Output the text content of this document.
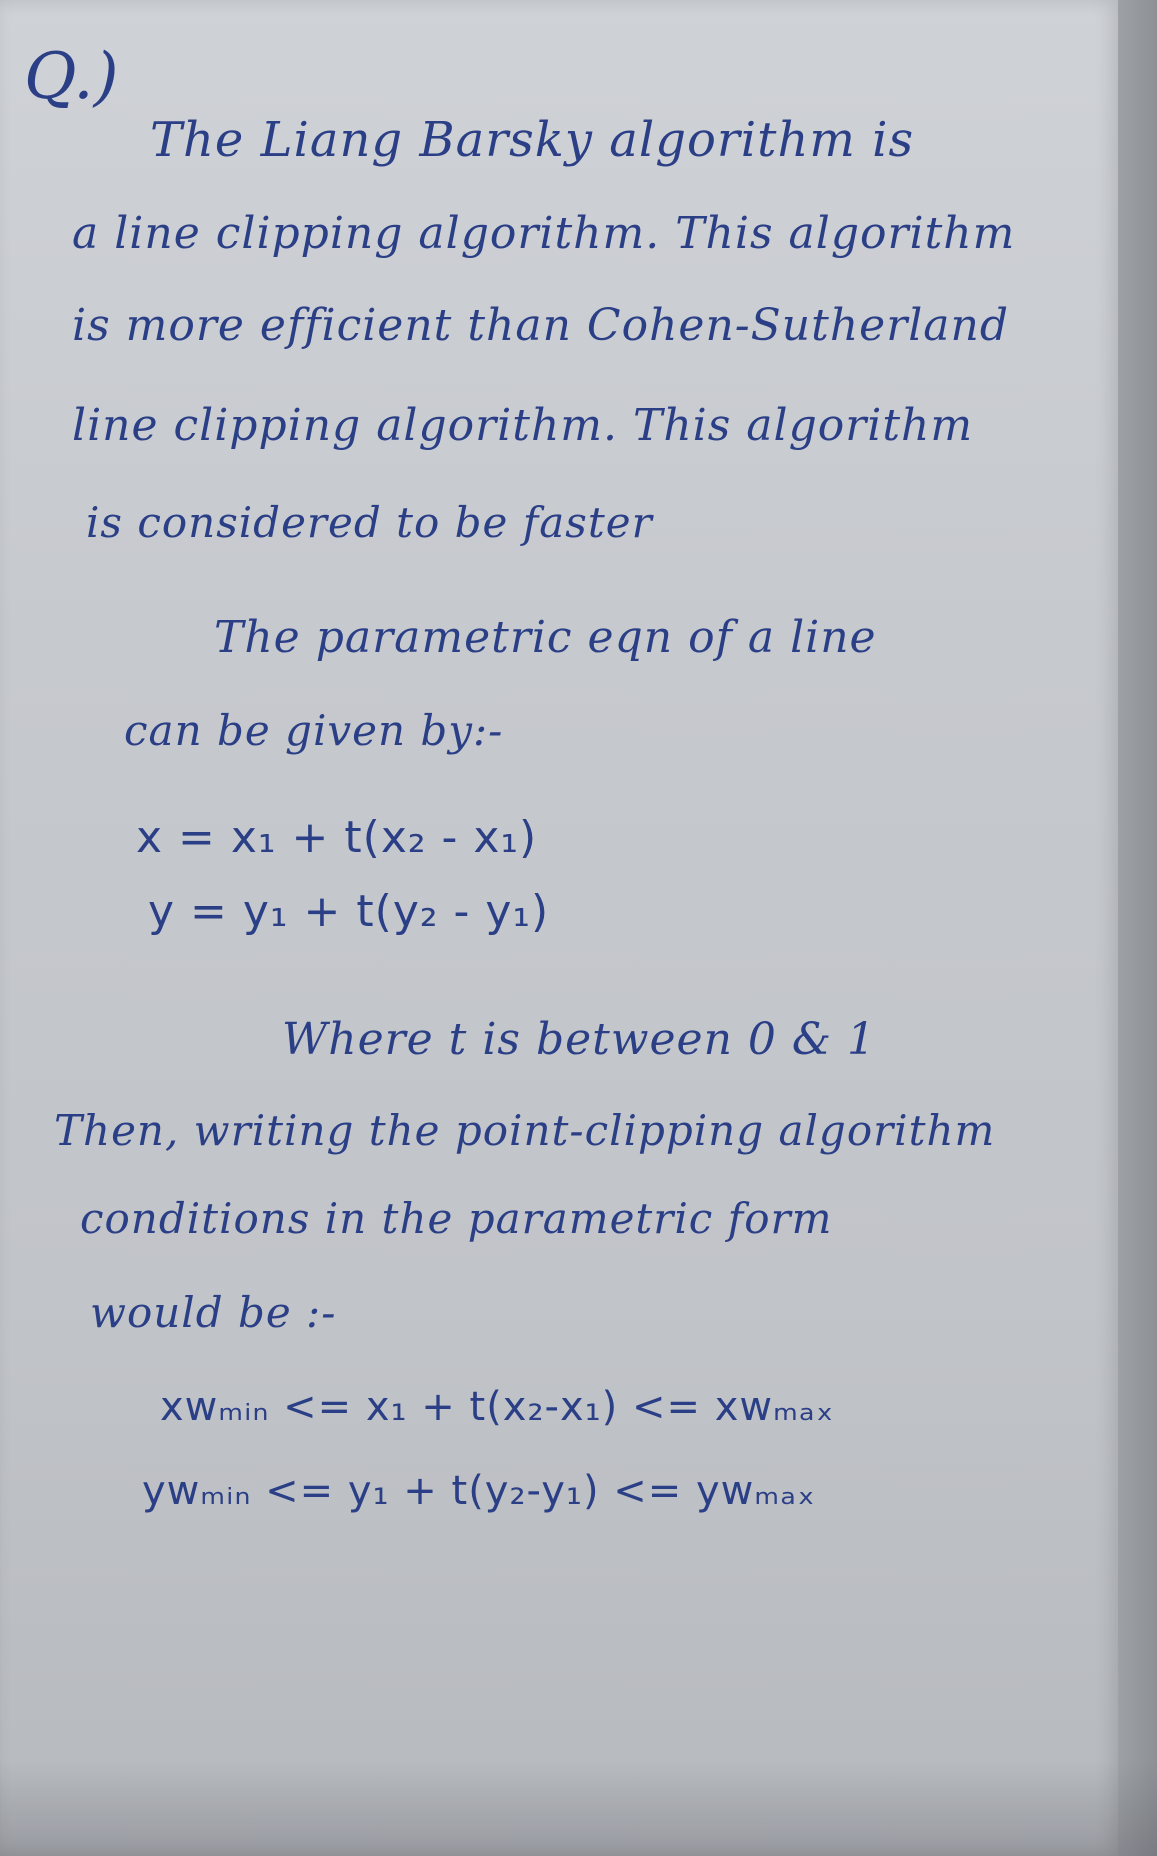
Q.)
The Liang Barsky algorithm is
a line clipping algorithm. This algorithm
is more efficient than Cohen-Sutherland
line clipping algorithm. This algorithm
is considered to be faster
The parametric eqn of a line
can be given by:-
x = x₁ + t(x₂ - x₁)
y = y₁ + t(y₂ - y₁)
Where t is between 0 & 1
Then, writing the point-clipping algorithm
conditions in the parametric form
would be :-
xwₘᵢₙ <= x₁ + t(x₂-x₁) <= xwₘₐₓ
ywₘᵢₙ <= y₁ + t(y₂-y₁) <= ywₘₐₓ
